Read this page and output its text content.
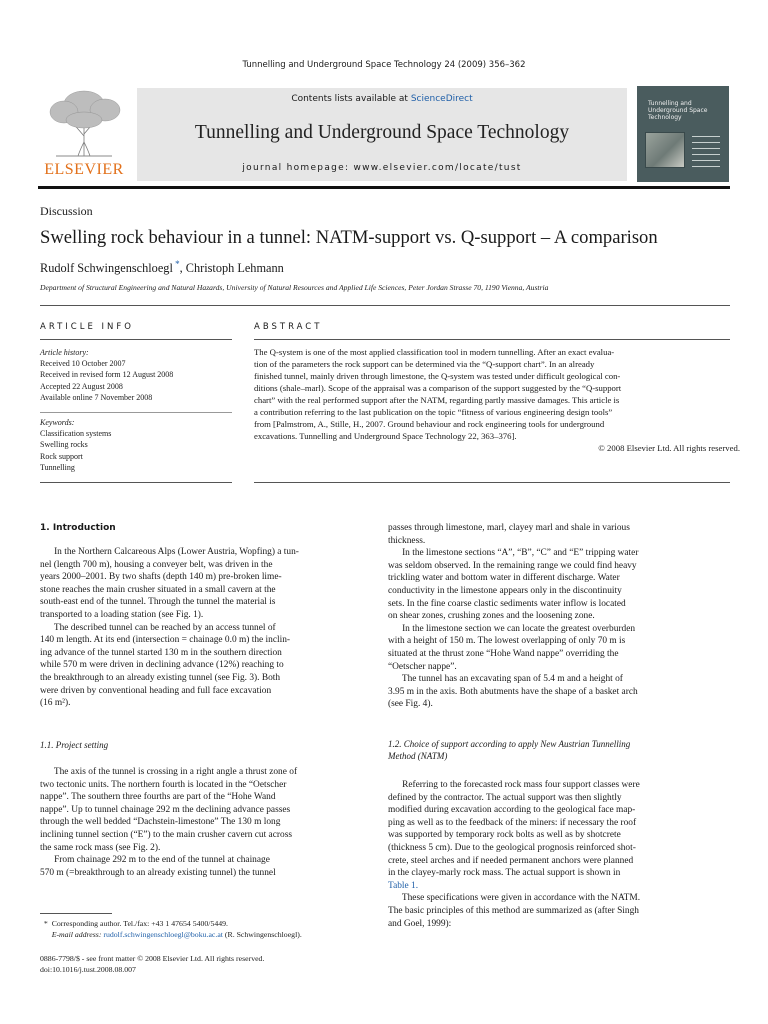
Tunnelling and Underground Space Technology 24 (2009) 356–362
ELSEVIER
Contents lists available at ScienceDirect
Tunnelling and Underground Space Technology
journal homepage: www.elsevier.com/locate/tust
Tunnelling and Underground Space Technology
Discussion
Swelling rock behaviour in a tunnel: NATM-support vs. Q-support – A comparison
Rudolf Schwingenschloegl *, Christoph Lehmann
Department of Structural Engineering and Natural Hazards, University of Natural Resources and Applied Life Sciences, Peter Jordan Strasse 70, 1190 Vienna, Austria
ARTICLE INFO	ABSTRACT
Article history:
Received 10 October 2007
Received in revised form 12 August 2008
Accepted 22 August 2008
Available online 7 November 2008
Keywords:
Classification systems
Swelling rocks
Rock support
Tunnelling
The Q-system is one of the most applied classification tool in modern tunnelling. After an exact evalua-
tion of the parameters the rock support can be determined via the “Q-support chart”. In an already
finished tunnel, mainly driven through limestone, the Q-system was tested under difficult geological con-
ditions (shale–marl). Scope of the appraisal was a comparison of the support suggested by the “Q-support
chart” with the real performed support after the NATM, regarding partly massive damages. This article is
a contribution referring to the last publication on the topic “fitness of various engineering design tools”
from [Palmstrom, A., Stille, H., 2007. Ground behaviour and rock engineering tools for underground
excavations. Tunnelling and Underground Space Technology 22, 363–376].
© 2008 Elsevier Ltd. All rights reserved.
1. Introduction
In the Northern Calcareous Alps (Lower Austria, Wopfing) a tun-
nel (length 700 m), housing a conveyer belt, was driven in the
years 2000–2001. By two shafts (depth 140 m) pre-broken lime-
stone reaches the main crusher situated in a small cavern at the
south-east end of the tunnel. Through the tunnel the material is
transported to a loading station (see Fig. 1).
The described tunnel can be reached by an access tunnel of
140 m length. At its end (intersection = chainage 0.0 m) the inclin-
ing advance of the tunnel started 130 m in the southern direction
while 570 m were driven in declining advance (12%) reaching to
the breakthrough to an already existing tunnel (see Fig. 3). Both
were driven by conventional heading and full face excavation
(16 m²).
1.1. Project setting
The axis of the tunnel is crossing in a right angle a thrust zone of
two tectonic units. The northern fourth is located in the “Oetscher
nappe”. The southern three fourths are part of the “Hohe Wand
nappe”. Up to tunnel chainage 292 m the declining advance passes
through the well bedded “Dachstein-limestone” The 130 m long
inclining tunnel section (“E”) to the main crusher cavern cut across
the same rock mass (see Fig. 2).
From chainage 292 m to the end of the tunnel at chainage
570 m (=breakthrough to an already existing tunnel) the tunnel
passes through limestone, marl, clayey marl and shale in various
thickness.
In the limestone sections “A”, “B”, “C” and “E” tripping water
was seldom observed. In the remaining range we could find heavy
trickling water and bottom water in different discharge. Water
conductivity in the limestone appears only in the discontinuity
sets. In the fine coarse clastic sediments water inflow is located
on shear zones, crushing zones and the loosening zone.
In the limestone section we can locate the greatest overburden
with a height of 150 m. The lowest overlapping of only 70 m is
situated at the thrust zone “Hohe Wand nappe” overriding the
“Oetscher nappe”.
The tunnel has an excavating span of 5.4 m and a height of
3.95 m in the axis. Both abutments have the shape of a basket arch
(see Fig. 4).
1.2. Choice of support according to apply New Austrian Tunnelling
Method (NATM)
Referring to the forecasted rock mass four support classes were
defined by the contractor. The actual support was then slightly
modified during excavation according to the geological face map-
ping as well as to the feedback of the miners: if necessary the roof
was supported by temporary rock bolts as well as by shotcrete
(thickness 5 cm). Due to the geological prognosis reinforced shot-
crete, steel arches and if needed permanent anchors were planned
in the clayey-marly rock mass. The actual support is shown in
Table 1.
These specifications were given in accordance with the NATM.
The basic principles of this method are summarized as (after Singh
and Goel, 1999):
*  Corresponding author. Tel./fax: +43 1 47654 5400/5449.
E-mail address: rudolf.schwingenschloegl@boku.ac.at (R. Schwingenschloegl).
0886-7798/$ - see front matter © 2008 Elsevier Ltd. All rights reserved.
doi:10.1016/j.tust.2008.08.007
